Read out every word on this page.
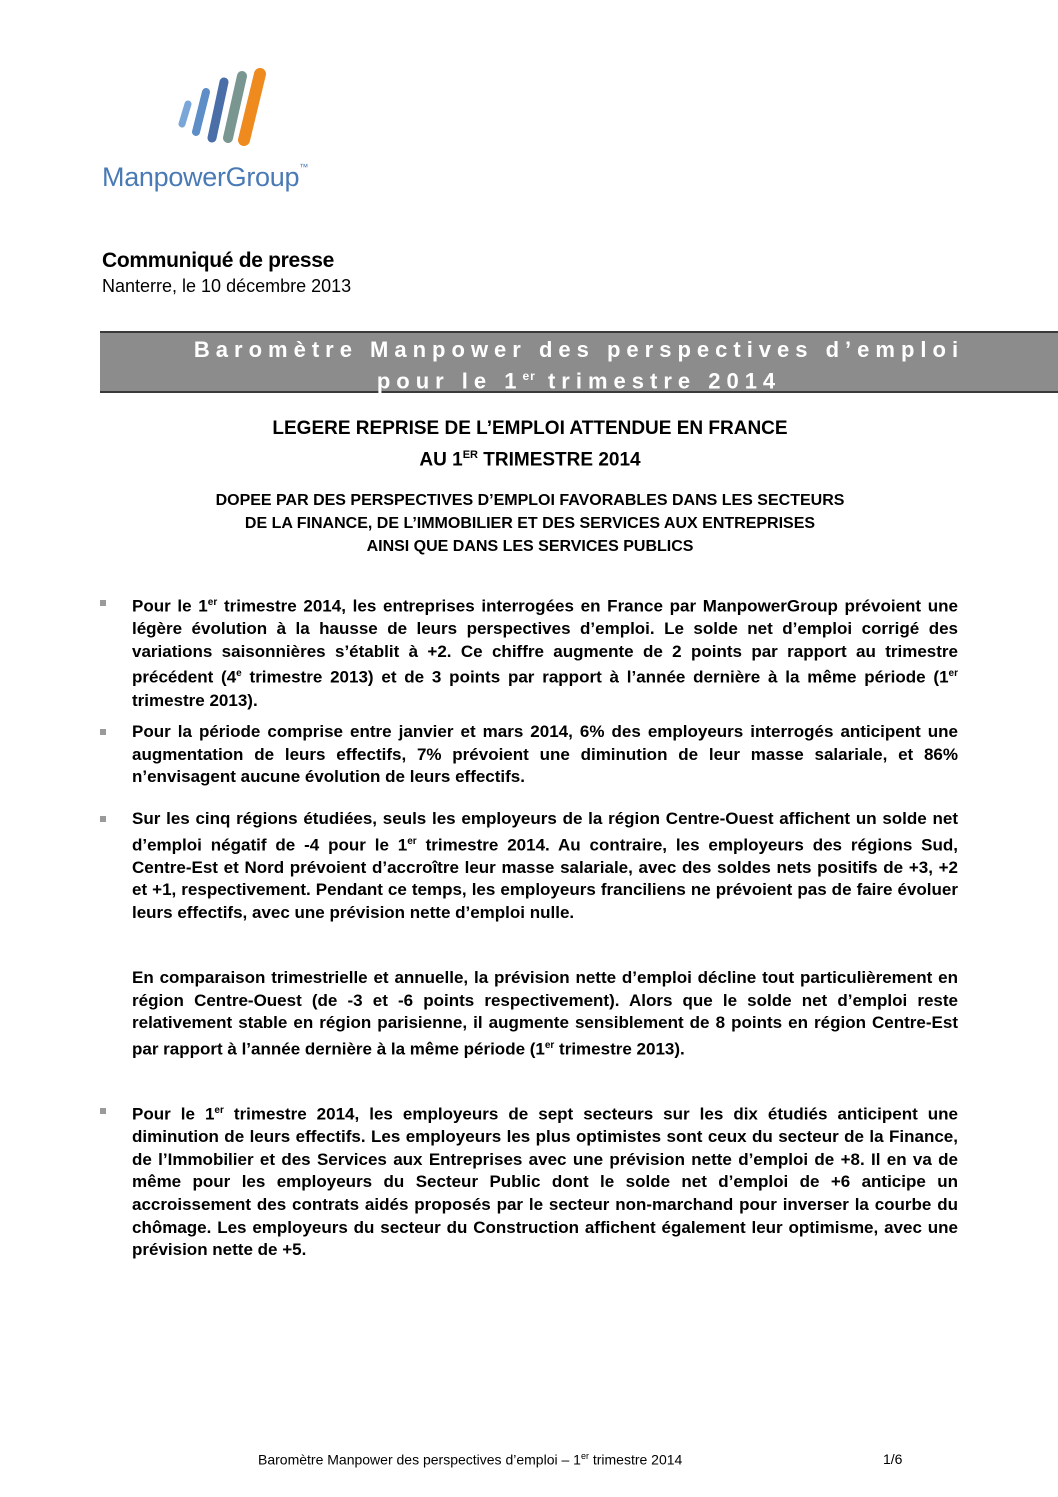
ManpowerGroup™
Communiqué de presse
Nanterre, le 10 décembre 2013
Baromètre Manpower des perspectives d’emploi
pour le 1er trimestre 2014
LEGERE REPRISE DE L’EMPLOI ATTENDUE EN FRANCE
AU 1ER TRIMESTRE 2014
DOPEE PAR DES PERSPECTIVES D’EMPLOI FAVORABLES DANS LES SECTEURS
DE LA FINANCE, DE L’IMMOBILIER ET DES SERVICES AUX ENTREPRISES
AINSI QUE DANS LES SERVICES PUBLICS
Pour le 1er trimestre 2014, les entreprises interrogées en France par ManpowerGroup prévoient une légère évolution à la hausse de leurs perspectives d’emploi. Le solde net d’emploi corrigé des variations saisonnières s’établit à +2. Ce chiffre augmente de 2 points par rapport au trimestre précédent (4e trimestre 2013) et de 3 points par rapport à l’année dernière à la même période (1er trimestre 2013).
Pour la période comprise entre janvier et mars 2014, 6% des employeurs interrogés anticipent une augmentation de leurs effectifs, 7% prévoient une diminution de leur masse salariale, et 86% n’envisagent aucune évolution de leurs effectifs.
Sur les cinq régions étudiées, seuls les employeurs de la région Centre-Ouest affichent un solde net d’emploi négatif de -4 pour le 1er trimestre 2014. Au contraire, les employeurs des régions Sud, Centre-Est et Nord prévoient d’accroître leur masse salariale, avec des soldes nets positifs de +3, +2 et +1, respectivement. Pendant ce temps, les employeurs franciliens ne prévoient pas de faire évoluer leurs effectifs, avec une prévision nette d’emploi nulle.
En comparaison trimestrielle et annuelle, la prévision nette d’emploi décline tout particulièrement en région Centre-Ouest (de -3 et -6 points respectivement). Alors que le solde net d’emploi reste relativement stable en région parisienne, il augmente sensiblement de 8 points en région Centre-Est par rapport à l’année dernière à la même période (1er trimestre 2013).
Pour le 1er trimestre 2014, les employeurs de sept secteurs sur les dix étudiés anticipent une diminution de leurs effectifs. Les employeurs les plus optimistes sont ceux du secteur de la Finance, de l’Immobilier et des Services aux Entreprises avec une prévision nette d’emploi de +8. Il en va de même pour les employeurs du Secteur Public dont le solde net d’emploi de +6 anticipe un accroissement des contrats aidés proposés par le secteur non-marchand pour inverser la courbe du chômage. Les employeurs du secteur du Construction affichent également leur optimisme, avec une prévision nette de +5.
Baromètre Manpower des perspectives d’emploi – 1er trimestre 2014	1/6
